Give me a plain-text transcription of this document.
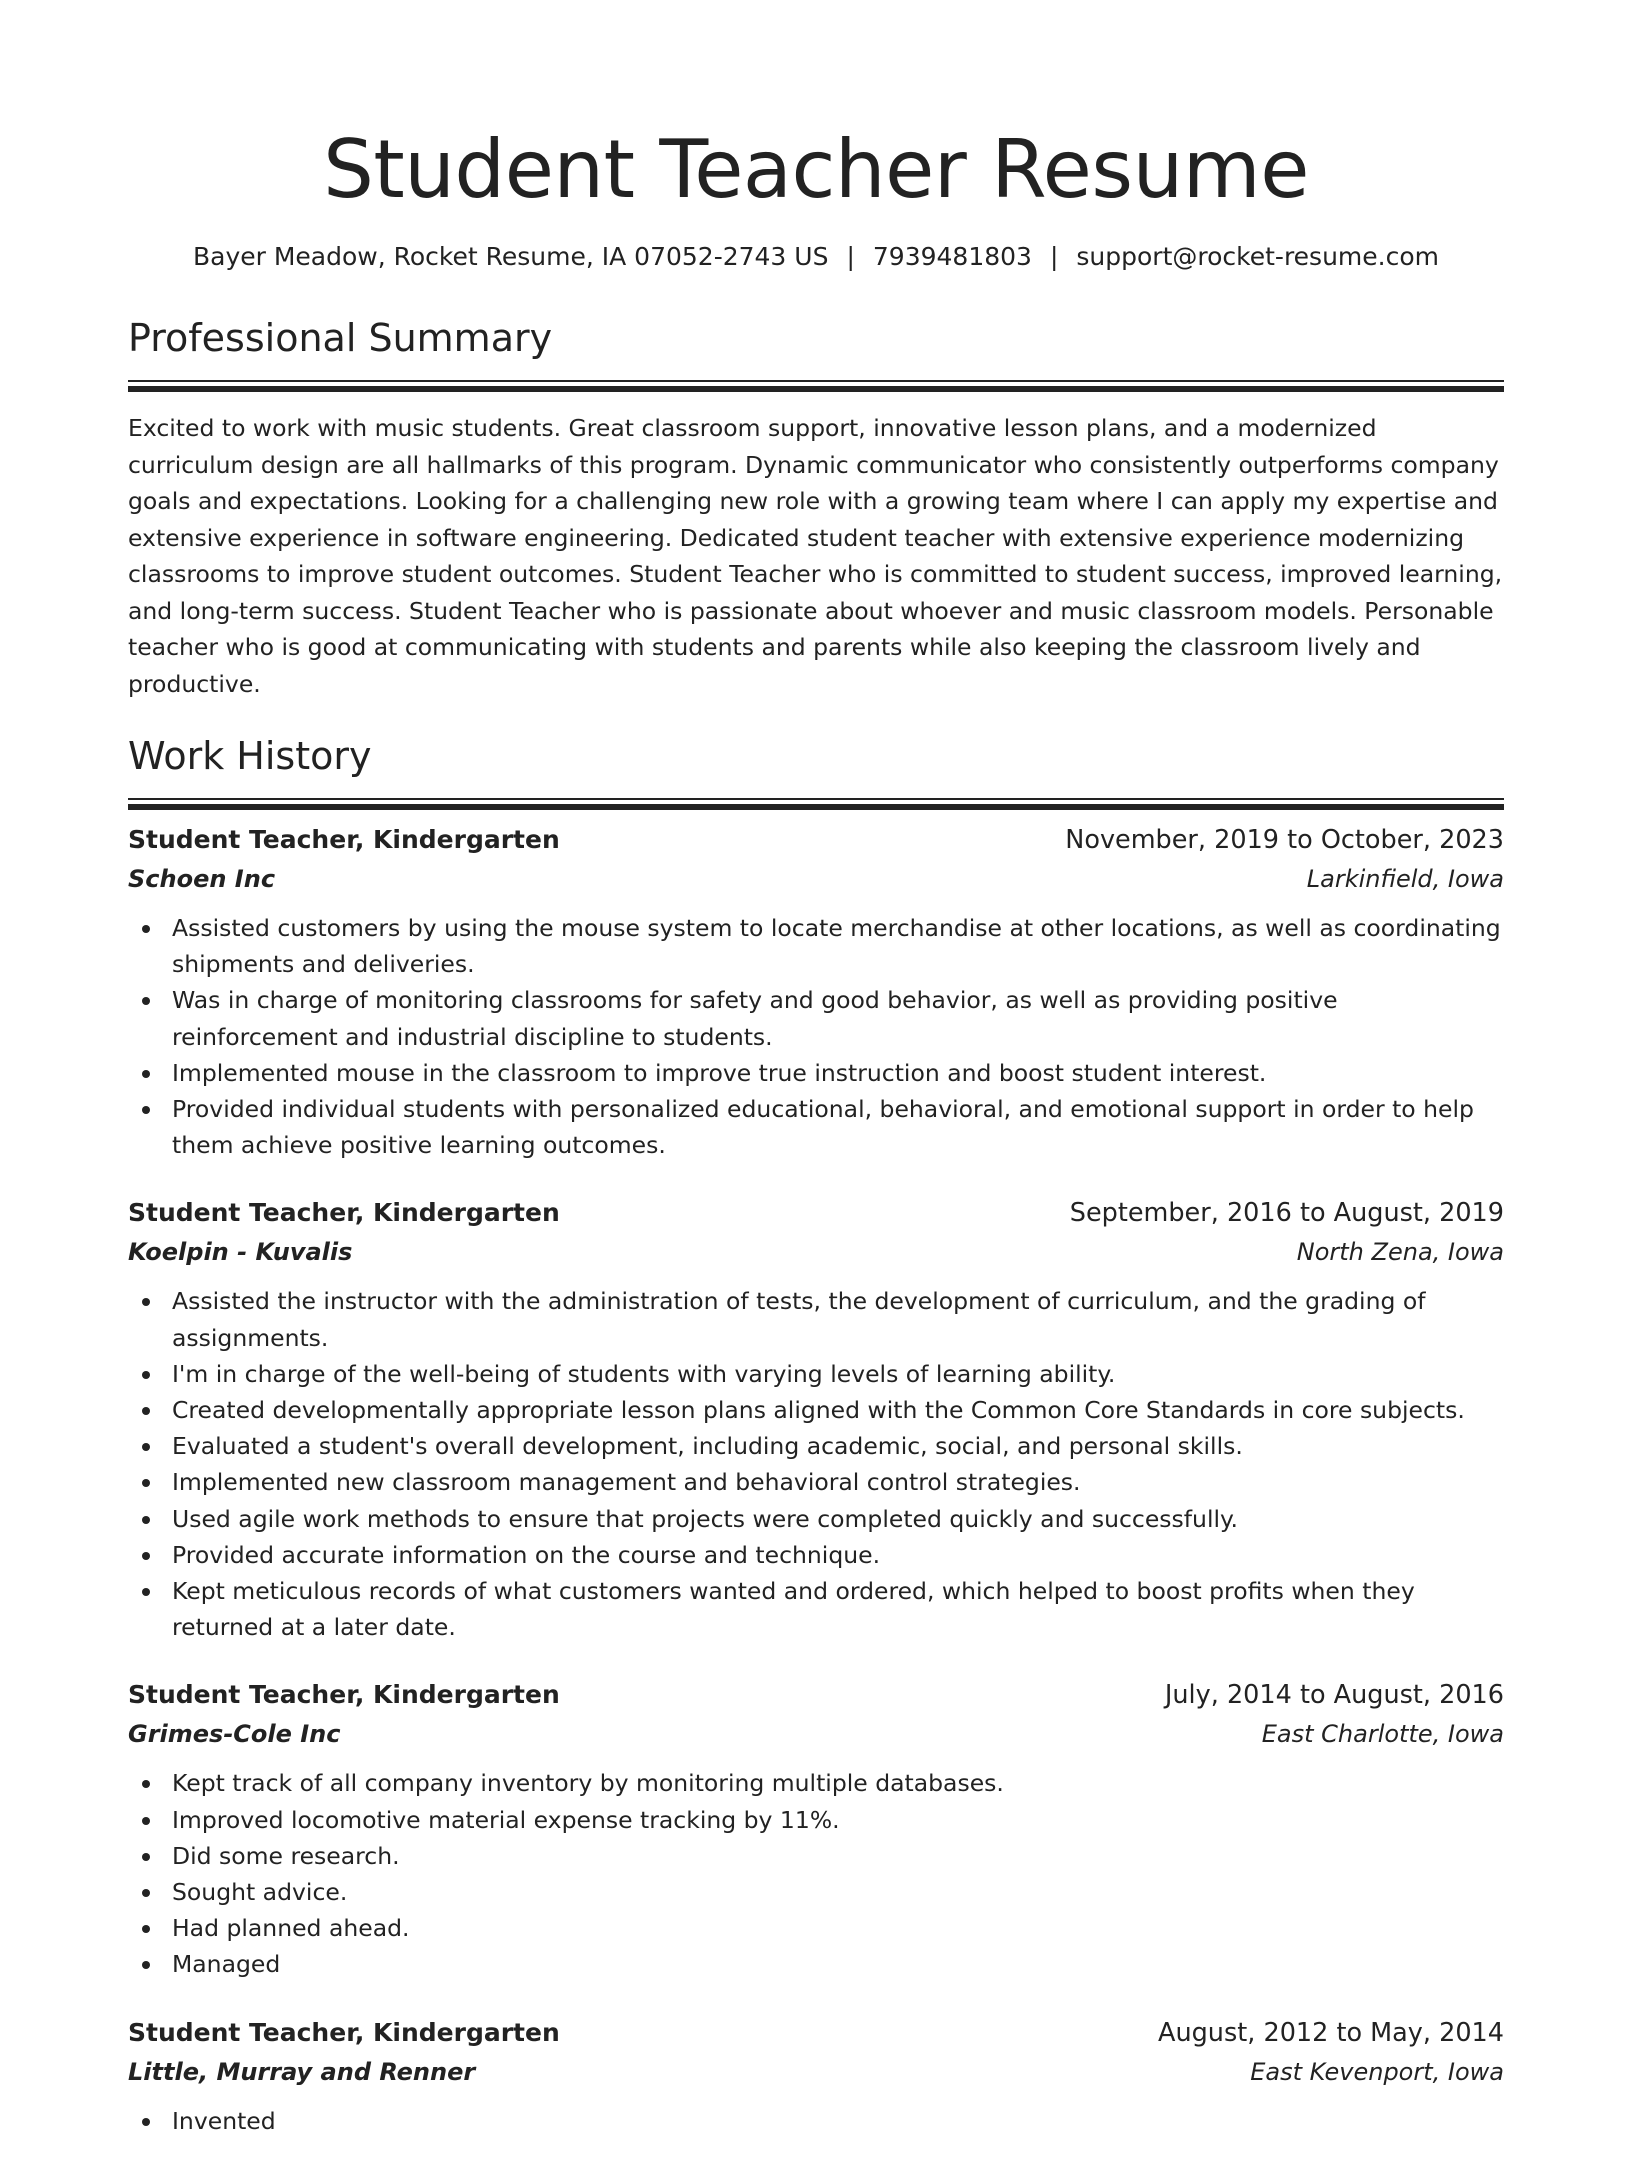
Student Teacher Resume
Bayer Meadow, Rocket Resume, IA 07052-2743 US | 7939481803 | support@rocket-resume.com
Professional Summary
Excited to work with music students. Great classroom support, innovative lesson plans, and a modernized curriculum design are all hallmarks of this program. Dynamic communicator who consistently outperforms company goals and expectations. Looking for a challenging new role with a growing team where I can apply my expertise and extensive experience in software engineering. Dedicated student teacher with extensive experience modernizing classrooms to improve student outcomes. Student Teacher who is committed to student success, improved learning, and long-term success. Student Teacher who is passionate about whoever and music classroom models. Personable teacher who is good at communicating with students and parents while also keeping the classroom lively and productive.
Work History
Student Teacher, Kindergarten	November, 2019 to October, 2023
Schoen Inc	Larkinfield, Iowa
Assisted customers by using the mouse system to locate merchandise at other locations, as well as coordinating shipments and deliveries.
Was in charge of monitoring classrooms for safety and good behavior, as well as providing positive reinforcement and industrial discipline to students.
Implemented mouse in the classroom to improve true instruction and boost student interest.
Provided individual students with personalized educational, behavioral, and emotional support in order to help them achieve positive learning outcomes.
Student Teacher, Kindergarten	September, 2016 to August, 2019
Koelpin - Kuvalis	North Zena, Iowa
Assisted the instructor with the administration of tests, the development of curriculum, and the grading of assignments.
I'm in charge of the well-being of students with varying levels of learning ability.
Created developmentally appropriate lesson plans aligned with the Common Core Standards in core subjects.
Evaluated a student's overall development, including academic, social, and personal skills.
Implemented new classroom management and behavioral control strategies.
Used agile work methods to ensure that projects were completed quickly and successfully.
Provided accurate information on the course and technique.
Kept meticulous records of what customers wanted and ordered, which helped to boost profits when they returned at a later date.
Student Teacher, Kindergarten	July, 2014 to August, 2016
Grimes-Cole Inc	East Charlotte, Iowa
Kept track of all company inventory by monitoring multiple databases.
Improved locomotive material expense tracking by 11%.
Did some research.
Sought advice.
Had planned ahead.
Managed
Student Teacher, Kindergarten	August, 2012 to May, 2014
Little, Murray and Renner	East Kevenport, Iowa
Invented
